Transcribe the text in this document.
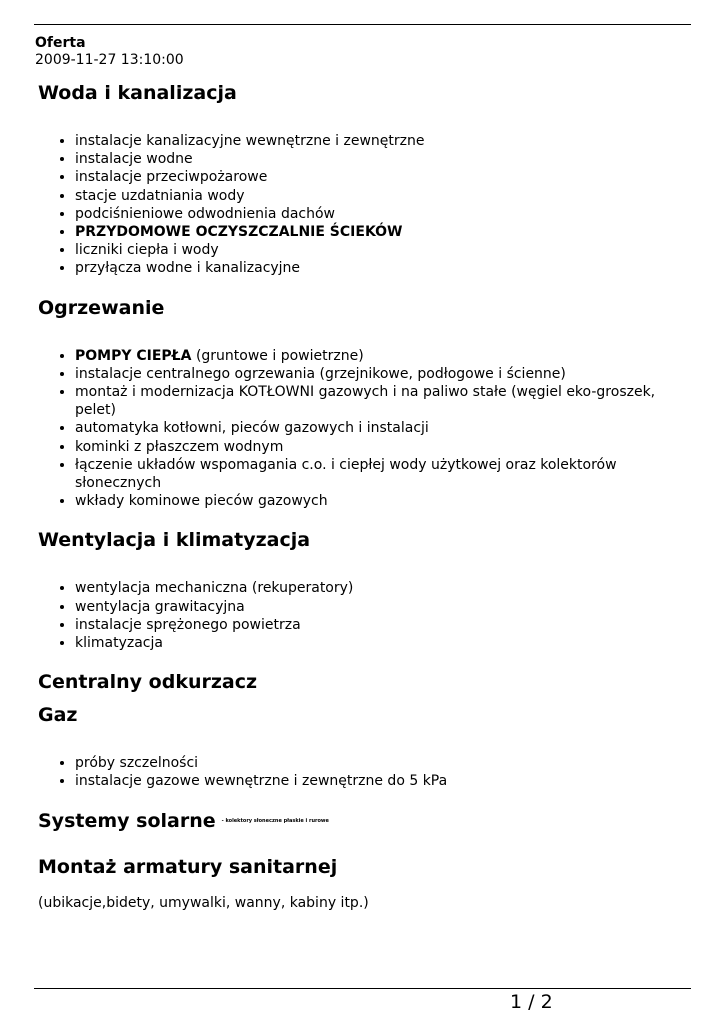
Oferta
2009-11-27 13:10:00
Woda i kanalizacja
• instalacje kanalizacyjne wewnętrzne i zewnętrzne
• instalacje wodne
• instalacje przeciwpożarowe
• stacje uzdatniania wody
• podciśnieniowe odwodnienia dachów
• PRZYDOMOWE OCZYSZCZALNIE ŚCIEKÓW
• liczniki ciepła i wody
• przyłącza wodne i kanalizacyjne
Ogrzewanie
• POMPY CIEPŁA (gruntowe i powietrzne)
• instalacje centralnego ogrzewania (grzejnikowe, podłogowe i ścienne)
• montaż i modernizacja KOTŁOWNI gazowych i na paliwo stałe (węgiel eko-groszek, pelet)
• automatyka kotłowni, pieców gazowych i instalacji
• kominki z płaszczem wodnym
• łączenie układów wspomagania c.o. i ciepłej wody użytkowej oraz kolektorów słonecznych
• wkłady kominowe pieców gazowych
Wentylacja i klimatyzacja
• wentylacja mechaniczna (rekuperatory)
• wentylacja grawitacyjna
• instalacje sprężonego powietrza
• klimatyzacja
Centralny odkurzacz
Gaz
• próby szczelności
• instalacje gazowe wewnętrzne i zewnętrzne do 5 kPa
Systemy solarne - kolektory słoneczne płaskie i rurowe
Montaż armatury sanitarnej

(ubikacje,bidety, umywalki, wanny, kabiny itp.)

1 / 2
